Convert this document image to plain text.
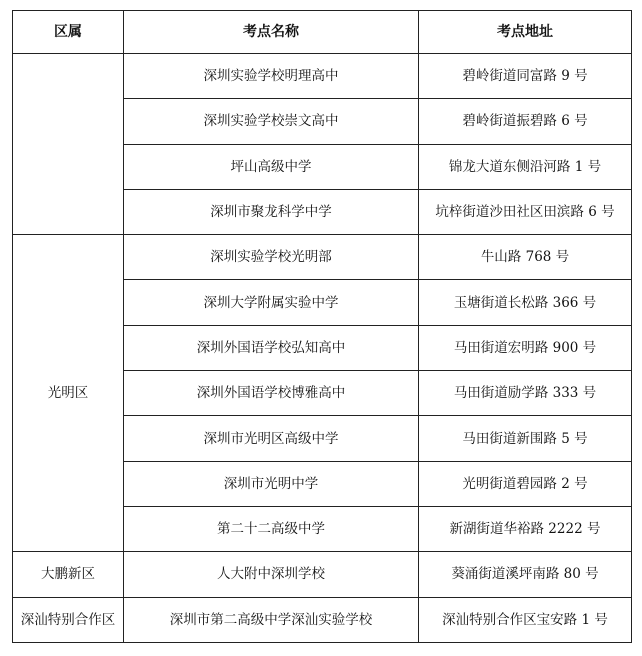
区属	考点名称	考点地址
	深圳实验学校明理高中	碧岭街道同富路 9 号
	深圳实验学校崇文高中	碧岭街道振碧路 6 号
	坪山高级中学	锦龙大道东侧沿河路 1 号
	深圳市聚龙科学中学	坑梓街道沙田社区田滨路 6 号
光明区	深圳实验学校光明部	牛山路 768 号
	深圳大学附属实验中学	玉塘街道长松路 366 号
	深圳外国语学校弘知高中	马田街道宏明路 900 号
	深圳外国语学校博雅高中	马田街道励学路 333 号
	深圳市光明区高级中学	马田街道新围路 5 号
	深圳市光明中学	光明街道碧园路 2 号
	第二十二高级中学	新湖街道华裕路 2222 号
大鹏新区	人大附中深圳学校	葵涌街道溪坪南路 80 号
深汕特别合作区	深圳市第二高级中学深汕实验学校	深汕特别合作区宝安路 1 号
